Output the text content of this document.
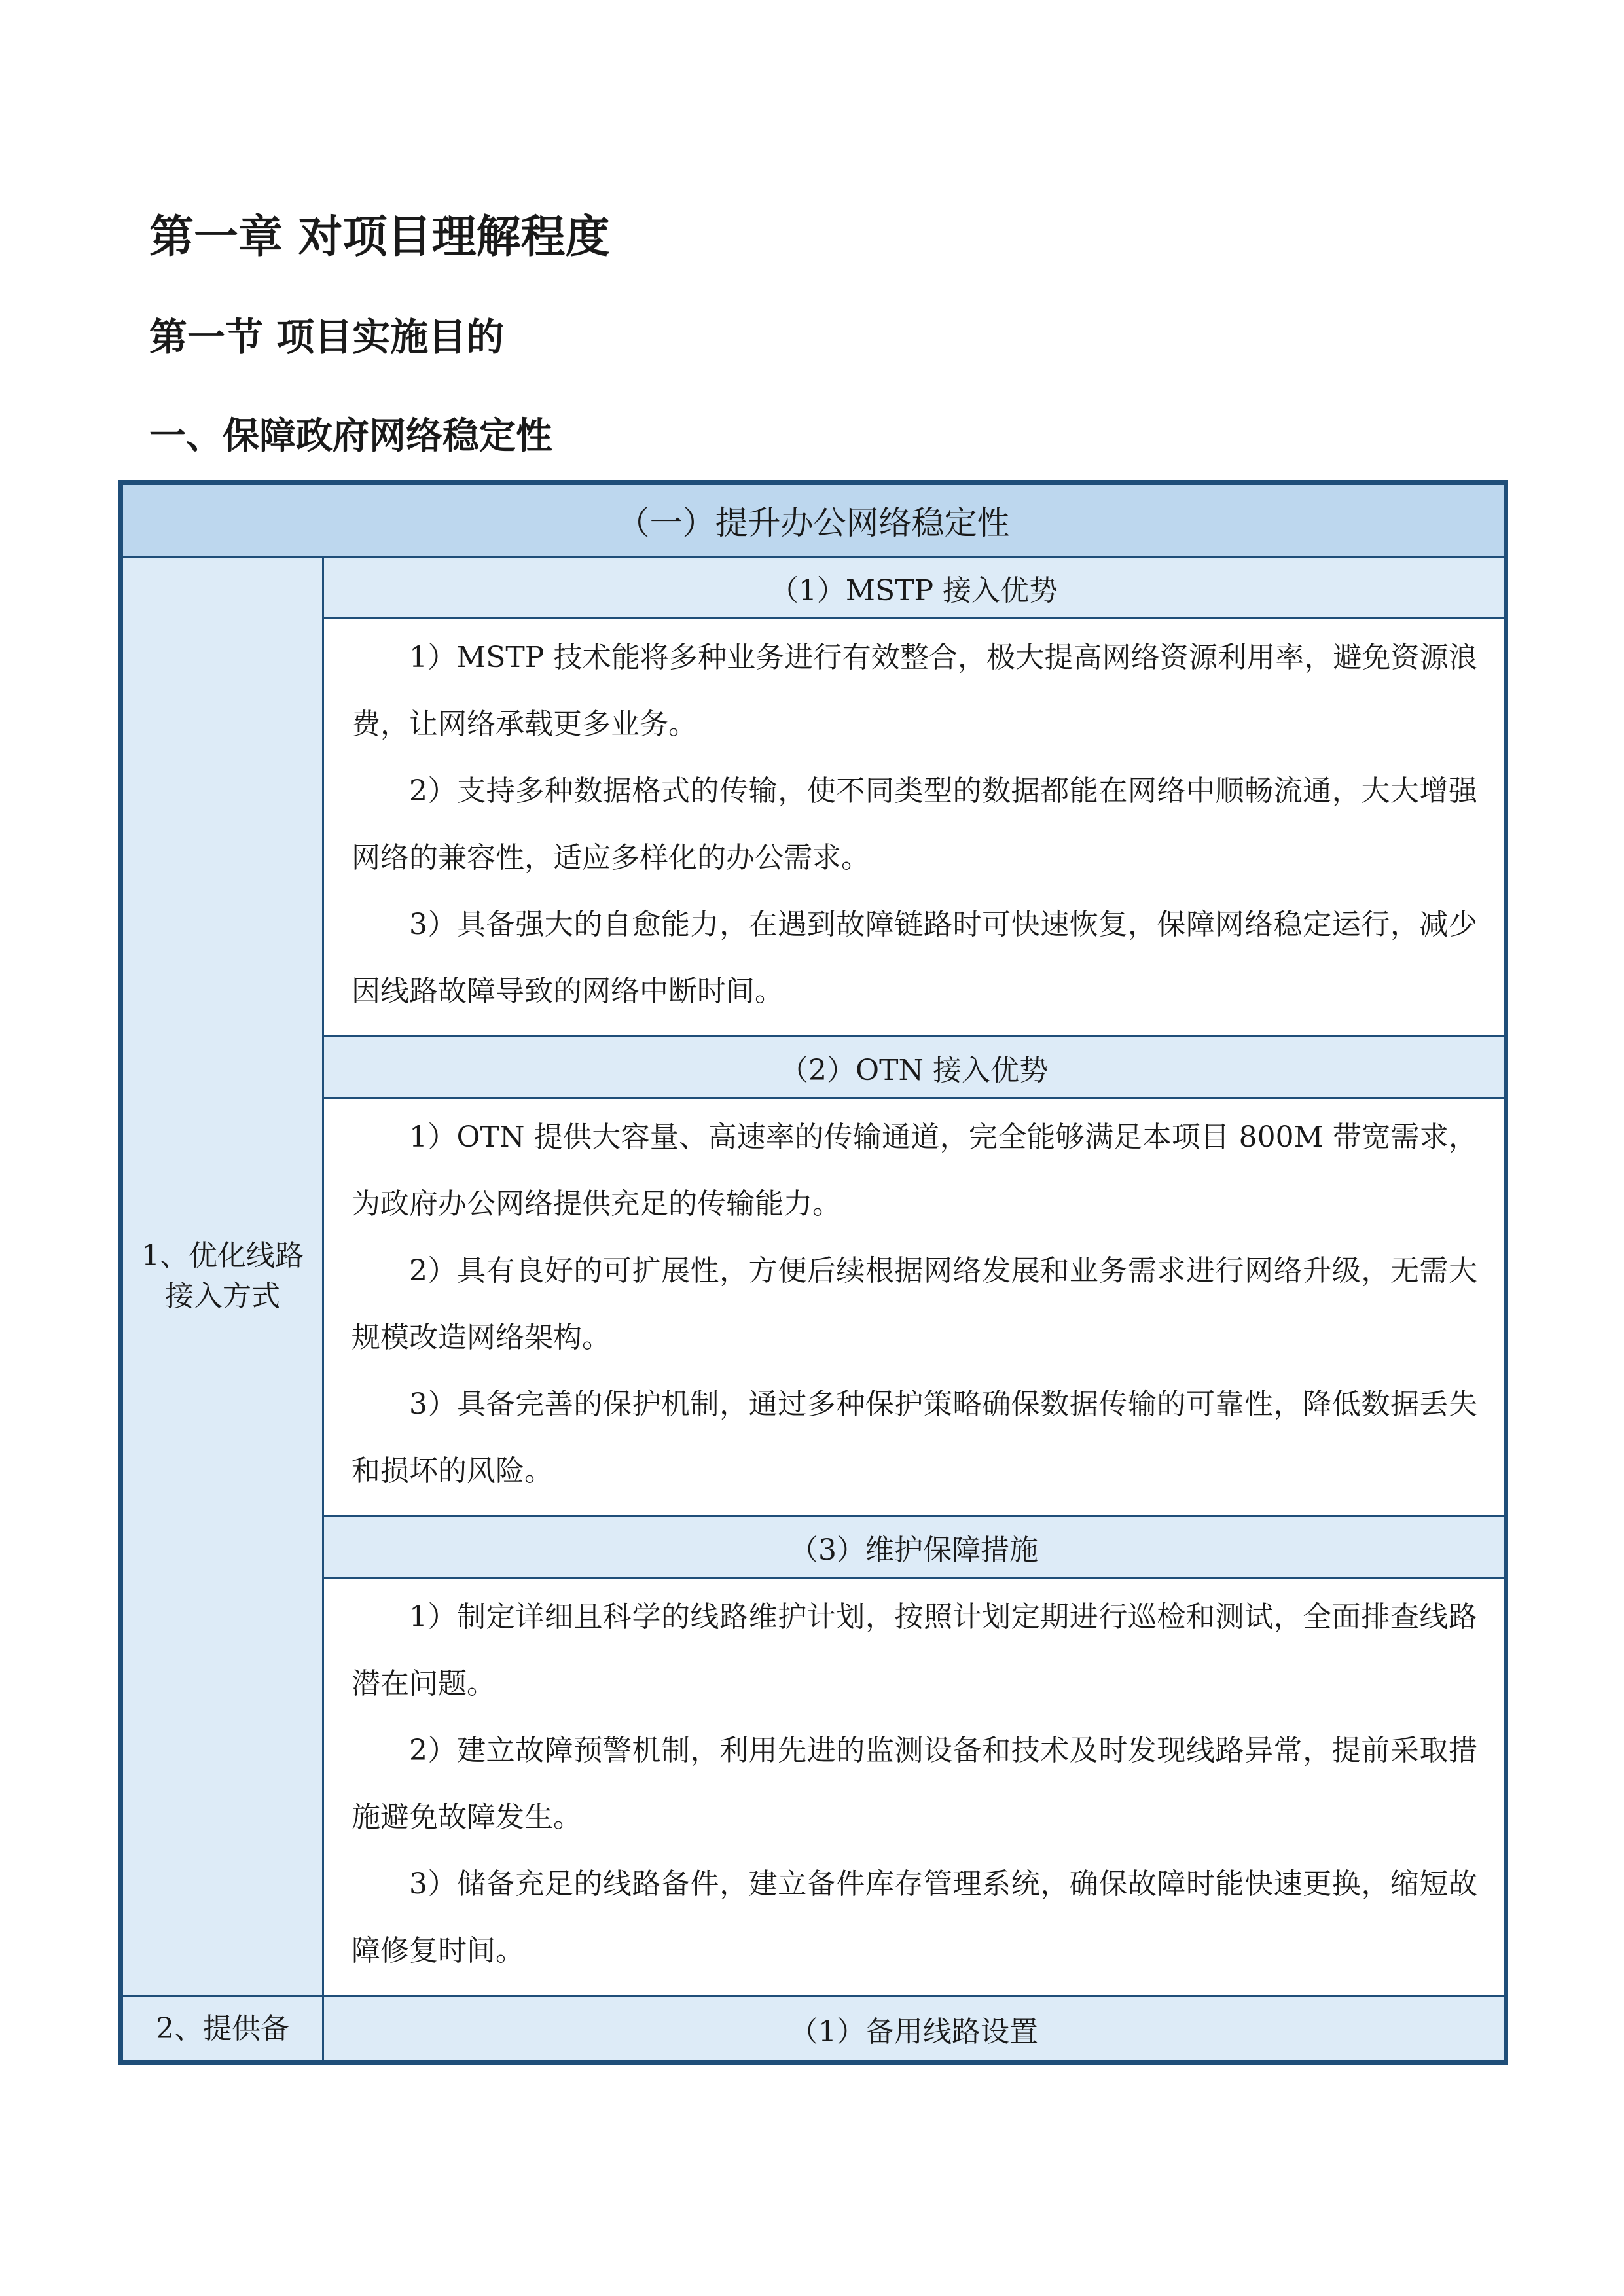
第一章 对项目理解程度
第一节 项目实施目的
一、保障政府网络稳定性
（一）提升办公网络稳定性	

1、优化线路接入方式	（1）MSTP 接入优势

	1）MSTP 技术能将多种业务进行有效整合，极大提高网络资源利用率，避免资源浪费，让网络承载更多业务。

2）支持多种数据格式的传输，使不同类型的数据都能在网络中顺畅流通，大大增强网络的兼容性，适应多样化的办公需求。

3）具备强大的自愈能力，在遇到故障链路时可快速恢复，保障网络稳定运行，减少因线路故障导致的网络中断时间。

	（2）OTN 接入优势

	1）OTN 提供大容量、高速率的传输通道，完全能够满足本项目 800M 带宽需求，为政府办公网络提供充足的传输能力。

2）具有良好的可扩展性，方便后续根据网络发展和业务需求进行网络升级，无需大规模改造网络架构。

3）具备完善的保护机制，通过多种保护策略确保数据传输的可靠性，降低数据丢失和损坏的风险。

	（3）维护保障措施

	1）制定详细且科学的线路维护计划，按照计划定期进行巡检和测试，全面排查线路潜在问题。

2）建立故障预警机制，利用先进的监测设备和技术及时发现线路异常，提前采取措施避免故障发生。

3）储备充足的线路备件，建立备件库存管理系统，确保故障时能快速更换，缩短故障修复时间。

2、提供备	（1）备用线路设置
